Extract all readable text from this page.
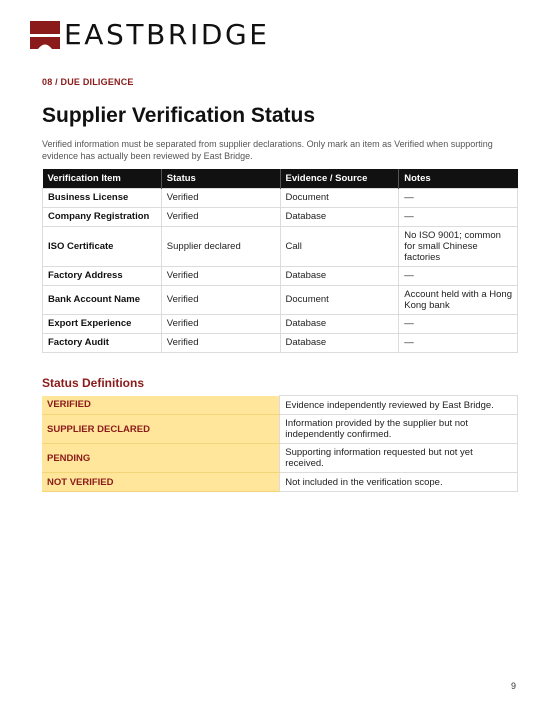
EASTBRIDGE
08 / DUE DILIGENCE
Supplier Verification Status

Verified information must be separated from supplier declarations. Only mark an item as Verified when supporting evidence has actually been reviewed by East Bridge.

Verification Item	Status	Evidence / Source	Notes
Business License	Verified	Document	—
Company Registration	Verified	Database	—
ISO Certificate	Supplier declared	Call	No ISO 9001; common for small Chinese factories
Factory Address	Verified	Database	—
Bank Account Name	Verified	Document	Account held with a Hong Kong bank
Export Experience	Verified	Database	—
Factory Audit	Verified	Database	—
Status Definitions
VERIFIED	Evidence independently reviewed by East Bridge.
SUPPLIER DECLARED	Information provided by the supplier but not independently confirmed.
PENDING	Supporting information requested but not yet received.
NOT VERIFIED	Not included in the verification scope.
9
